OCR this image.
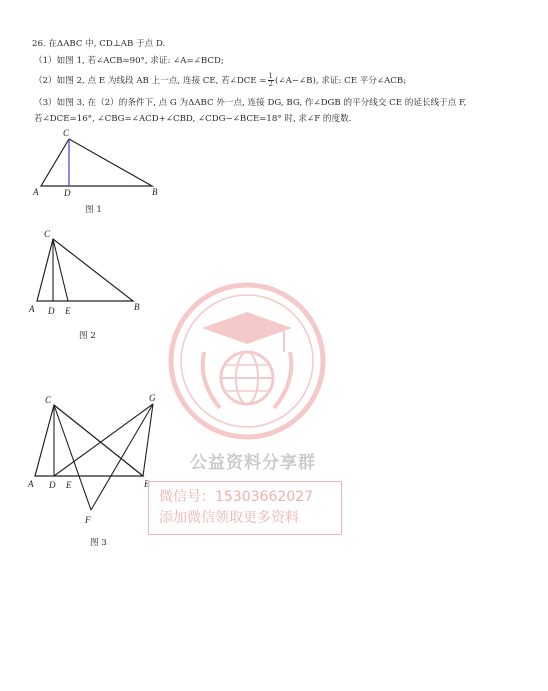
26. 在ΔABC 中, CD⊥AB 于点 D.
（1）如图 1, 若∠ACB=90°, 求证: ∠A=∠BCD;
（2）如图 2, 点 E 为线段 AB 上一点, 连接 CE, 若∠DCE = $\frac{1}{2}$ (∠A−∠B), 求证: CE 平分∠ACB;
（3）如图 3, 在（2）的条件下, 点 G 为ΔABC 外一点, 连接 DG, BG, 作∠DGB 的平分线交 CE 的延长线于点 F,
若∠DCE=16°, ∠CBG=∠ACD+∠CBD, ∠CDG−∠BCE=18° 时, 求∠F 的度数.
C
A	D	B
图 1
C
A D E	B
图 2
C	G
A D E	B
F
图 3
公益资料分享群
微信号：15303662027
添加微信领取更多资料
